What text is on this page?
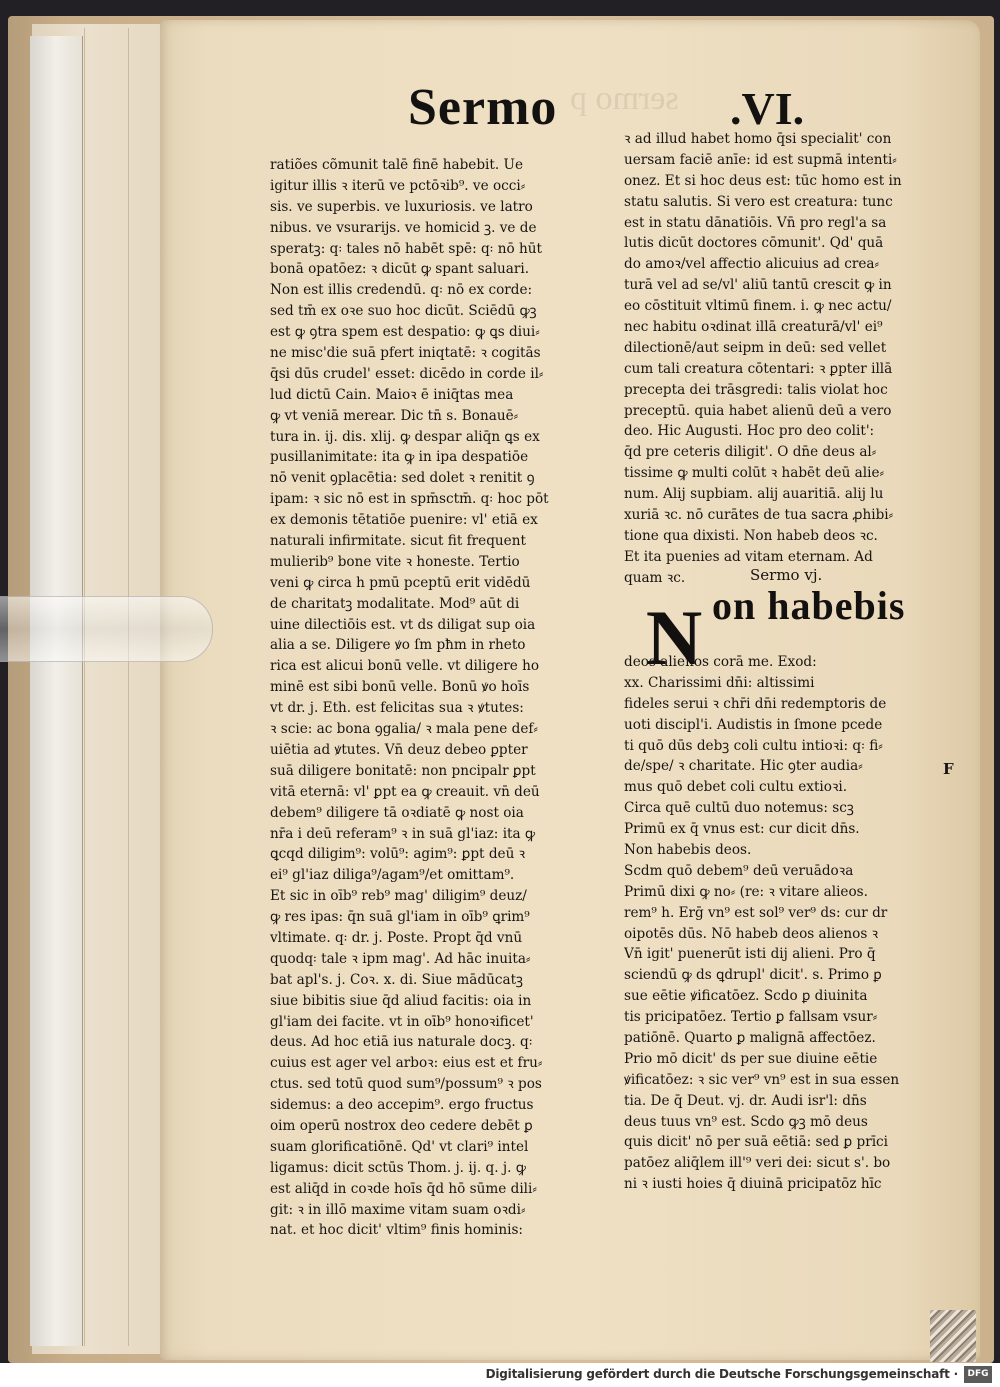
sermo p
Sermo	.VI.
ratiões cõmunit talē finē habebit. Ue
igitur illis ꝛ iterū ve pctōꝛib⁹. ve occi⸗
sis. ve superbis. ve luxuriosis. ve latro
nibus. ve vsurarijs. ve homicid ꝫ. ve de
speratꝫ: q꞉ tales nō habēt spē: q꞉ nō hūt
bonā opatōez: ꝛ dicūt ꝙ spant saluari.
Non est illis credendū. q꞉ nō ex corde:
sed tm̄ ex oꝛe suo hoc dicūt. Sciēdū ꝙꝫ
est ꝙ ꝯtra spem est despatio: ꝙ ꝗs diui⸗
ne misc'die suā pfert iniqtatē: ꝛ cogitās
q̄si dūs crudel' esset: dicēdo in corde il⸗
lud dictū Cain. Maioꝛ ē iniq̄tas mea
ꝙ vt veniā merear. Dic tn̄ s. Bonauē⸗
tura in. ij. dis. xlij. ꝙ despar aliq̄n ꝗs ex
pusillanimitate: ita ꝙ in ipa despatiōe
nō venit ꝯplacētia: sed dolet ꝛ renitit ꝯ
ipam: ꝛ sic nō est in spm̄sctm̄. q꞉ hoc pōt
ex demonis tētatiōe puenire: vl' etiā ex
naturali infirmitate. sicut fit frequent
mulierib⁹ bone vite ꝛ honeste. Tertio
veni ꝙ circa h pmū pceptū erit vidēdū
de charitatꝫ modalitate. Mod⁹ aūt di
uine dilectiōis est. vt ds diligat sup oia
alia a se. Diligere ꝟo ſm pħm in rheto
rica est alicui bonū velle. vt diligere ho
minē est sibi bonū velle. Bonū ꝟo hoīs
vt dr. j. Eth. est felicitas sua ꝛ ꝟtutes:
ꝛ scie: ac bona ꝯgalia/ ꝛ mala pene def⸗
uiētia ad ꝟtutes. Vn̄ deuz debeo ꝑpter
suā diligere bonitatē: non pncipalr ꝑpt
vitā eternā: vl' ꝑpt ea ꝙ creauit. vn̄ deū
debem⁹ diligere tā oꝛdiatē ꝙ nost oia
nr̄a i deū referam⁹ ꝛ in suā gl'iaz: ita ꝙ
ꝗcqd diligim⁹: volū⁹: agim⁹: ꝑpt deū ꝛ
ei⁹ gl'iaz diliga⁹/agam⁹/et omittam⁹.
Et sic in oīb⁹ reb⁹ mag' diligim⁹ deuz/
ꝙ res ipas: q̄n suā gl'iam in oīb⁹ ꝗrim⁹
vltimate. q꞉ dr. j. Poste. Propt q̄d vnū
quodq꞉ tale ꝛ ipm mag'. Ad hāc inuita⸗
bat apl's. j. Coꝛ. x. di. Siue mādūcatꝫ
siue bibitis siue q̄d aliud facitis: oia in
gl'iam dei facite. vt in oīb⁹ honoꝛificet'
deus. Ad hoc etiā ius naturale docꝫ. q꞉
cuius est ager vel arboꝛ: eius est et fru⸗
ctus. sed totū quod sum⁹/possum⁹ ꝛ pos
sidemus: a deo accepim⁹. ergo fructus
oim operū nostrox deo cedere debēt ꝑ
suam glorificatiōnē. Qd' vt clari⁹ intel
ligamus: dicit sctūs Thom. j. ij. q. j. ꝙ
est aliq̄d in coꝛde hoīs q̄d hō sūme dili⸗
git: ꝛ in illō maxime vitam suam oꝛdi⸗
nat. et hoc dicit' vltim⁹ finis hominis:
ꝛ ad illud habet homo q̄si specialit' con
uersam faciē anīe: id est supmā intenti⸗
onez. Et si hoc deus est: tūc homo est in
statu salutis. Si vero est creatura: tunc
est in statu dānatiōis. Vn̄ pro regl'a sa
lutis dicūt doctores cōmunit'. Qd' quā
do amoꝛ/vel affectio alicuius ad crea⸗
turā vel ad se/vl' aliū tantū crescit ꝙ in
eo cōstituit vltimū finem. i. ꝙ nec actu/
nec habitu oꝛdinat illā creaturā/vl' ei⁹
dilectionē/aut seipm in deū: sed vellet
cum tali creatura cōtentari: ꝛ ꝑpter illā
precepta dei trāsgredi: talis violat hoc
preceptū. quia habet alienū deū a vero
deo. Hic Augusti. Hoc pro deo colit':
q̄d pre ceteris diligit'. O dn̄e deus al⸗
tissime ꝙ multi colūt ꝛ habēt deū alie⸗
num. Alij supbiam. alij auaritiā. alij lu
xuriā ꝛc. nō curātes de tua sacra ꝓhibi⸗
tione qua dixisti. Non habeb deos ꝛc.
Et ita puenies ad vitam eternam. Ad
quam ꝛc.	Sermo vj.
N on habebis
deos alienos corā me. Exod:
xx. Charissimi dn̄i: altissimi
fideles serui ꝛ chr̄i dn̄i redemptoris de
uoti discipl'i. Audistis in ſmone pcede
ti quō dūs debꝫ coli cultu intioꝛi: q꞉ fi⸗
de/spe/ ꝛ charitate. Hic ꝯter audia⸗
mus quō debet coli cultu extioꝛi.
Circa quē cultū duo notemus: scꝫ
Primū ex q̄ vnus est: cur dicit dn̄s.
Non habebis deos.
Scdm quō debem⁹ deū veruādoꝛa
Primū dixi ꝙ no⸗ (re: ꝛ vitare alieos.
rem⁹ h. Erḡ vn⁹ est sol⁹ ver⁹ ds: cur dr
oipotēs dūs. Nō habeb deos alienos ꝛ
Vn̄ igit' puenerūt isti dij alieni. Pro q̄
sciendū ꝙ ds ꝗdrupl' dicit'. s. Primo ꝑ
sue eētie ꝟificatōez. Scdo ꝑ diuinita
tis pricipatōez. Tertio ꝑ fallsam vsur⸗
patiōnē. Quarto ꝑ malignā affectōez.
Prio mō dicit' ds per sue diuine eētie
ꝟificatōez: ꝛ sic ver⁹ vn⁹ est in sua essen
tia. De q̄ Deut. vj. dr. Audi isr'l: dn̄s
deus tuus vn⁹ est. Scdo ꝙꝫ mō deus
quis dicit' nō per suā eētiā: sed ꝑ prīci
patōez aliq̄lem ill'⁹ veri dei: sicut s'. bo
ni ꝛ iusti hoies q̄ diuinā pricipatōz hīc
F
Digitalisierung gefördert durch die Deutsche Forschungsgemeinschaft ·	DFG
